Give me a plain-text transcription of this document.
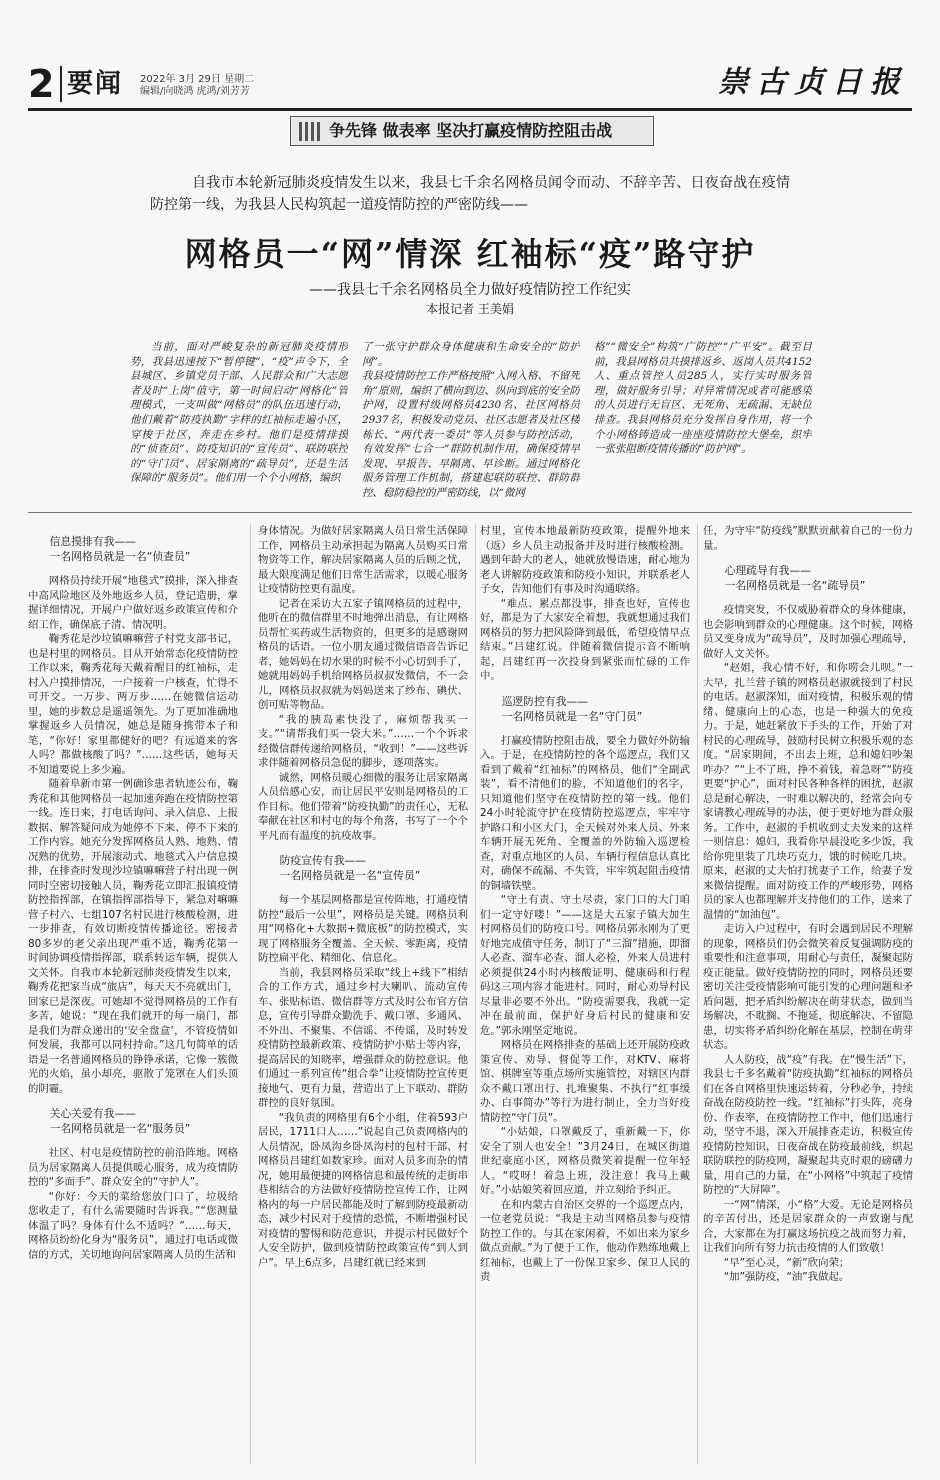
2 要闻 2022年 3月 29日 星期二
编辑/向晓鸿 虎鸿/刘芳芳	崇古贞日报
争先锋 做表率 坚决打赢疫情防控阻击战
自我市本轮新冠肺炎疫情发生以来，我县七千余名网格员闻令而动、不辞辛苦、日夜奋战在疫情防控第一线，为我县人民构筑起一道疫情防控的严密防线——
网格员一“网”情深 红袖标“疫”路守护
——我县七千余名网格员全力做好疫情防控工作纪实
本报记者 王美娟
当前，面对严峻复杂的新冠肺炎疫情形势，我县迅速按下“暂停键”，“疫”声令下，全县城区、乡镇党员干部、人民群众和广大志愿者及时“上岗”值守，第一时间启动“网格化”管理模式，一支叫做“网格员”的队伍迅速行动，他们戴着“防疫执勤”字样的红袖标走遍小区，穿梭于社区，奔走在乡村。他们是疫情排摸的“侦查员”、防疫知识的“宣传员”、联防联控的“守门员”、居家隔离的“疏导员”，还是生活保障的“服务员”。他们用一个个小网格，编织
了一张守护群众身体健康和生命安全的“防护网”。
我县疫情防控工作严格按照“入网入格、不留死角”原则，编织了横向到边、纵向到底的安全防护网，设置村级网格员4230名、社区网格员2937名，积极发动党员、社区志愿者及社区楼栋长、“两代表一委员”等人员参与防控活动，有效发挥“七合一”群防机制作用，确保疫情早发现、早报告、早隔离、早诊断。通过网格化服务管理工作机制，搭建起联防联控、群防群控、稳防稳控的严密防线，以“微网
格”“微安全”构筑“广防控”“广平安”。截至目前，我县网格员共摸排返乡、返岗人员共4152人、重点管控人员285人，实行实时服务管理，做好服务引导；对异常情况或者可能感染的人员进行无盲区、无死角、无疏漏、无缺位排查。我县网格员充分发挥自身作用，将一个个小网格铸造成一座座疫情防控大堡垒，织牢一张张阻断疫情传播的“防护网”。
信息摸排有我——
一名网格员就是一名“侦查员”

网格员持续开展“地毯式”摸排，深入排查中高风险地区及外地返乡人员，登记造册，掌握详细情况，开展户户做好返乡政策宣传和介绍工作，确保底子清、情况明。

鞠秀花是沙垃镇嘛嘛营子村党支部书记，也是村里的网格员。目从开始常态化疫情防控工作以来，鞠秀花每天戴着醒目的红袖标，走村入户摸排情况，一户接着一户核查，忙得不可开交。一万步、两万步……在她微信运动里，她的步数总是遥遥领先。为了更加准确地掌握返乡人员情况，她总是随身携带本子和笔，“你好！家里都健好的吧？有远道来的客人吗？都做核酸了吗？”……这些话，她每天不知道要说上多少遍。

随着阜新市第一例确诊患者轨迹公布，鞠秀花和其他网格员一起加速奔跑在疫情防控第一线。连日来，打电话询问、录入信息、上报数据、解答疑问成为她停不下来、停不下来的工作内容。她充分发挥网格员人熟、地熟、情况熟的优势，开展滚动式、地毯式入户信息摸排，在排查时发现沙垃镇嘛嘛营子村出现一例同时空密切接触人员，鞠秀花立即汇报镇疫情防控指挥部，在镇指挥部指导下，紧急对嘛嘛营子村六、七组107名村民进行核酸检测，进一步排查，有效切断疫情传播途径。密接者80多岁的老父亲出现严重不适，鞠秀花第一时间协调疫情指挥部，联系转运车辆，提供人文关怀。自我市本轮新冠肺炎疫情发生以来，鞠秀花把家当成“旅店”，每天天不亮就出门，回家已是深夜。可她却不觉得网格员的工作有多苦，她说：“现在我们就开的每一扇门，都是我们为群众递出的‘安全盘盒’，不管疫情如何发展，我都可以同村持命。”这几句简单的话语是一名普通网格员的铮铮承诺，它像一簇微光的火焰，虽小却亮，驱散了笼罩在人们头顶的阴霾。

关心关爱有我——
一名网格员就是一名“服务员”

社区、村屯是疫情防控的前沿阵地。网格员为居家隔离人员提供暖心服务，成为疫情防控的“多面手”、群众安全的“守护人”。

“你好：今天的菜给您放门口了，垃圾给您收走了，有什么需要随时告诉我。”“您测量体温了吗？身体有什么不适吗？”……每天，网格员纷纷化身为“服务员”，通过打电话或微信的方式，关切地询问居家隔离人员的生活和

身体情况。为做好居家隔离人员日常生活保障工作，网格员主动承担起为隔离人员购买日常物资等工作，解决居家隔离人员的后顾之忧，最大限度满足他们日常生活需求，以暖心服务让疫情防控更有温度。

记者在采访大五家子镇网格员的过程中，他听在的微信群里不时地弹出消息，有让网格员帮忙买药或生活物资的，但更多的是感谢网格员的话语。一位小朋友通过微信语音告诉记者，她妈妈在切水果的时候不小心切到手了，她就用妈妈手机给网格员叔叔发微信，不一会儿，网格员叔叔就为妈妈送来了纱布、碘伏、创可贴等物品。

“我的胰岛素快没了，麻烦帮我买一支。”“请帮我们买一袋大米。”……一个个诉求经微信群传递给网格员，“收到！”——这些诉求伴随着网格员急促的脚步，逐项落实。

诚然，网格员暖心细微的服务让居家隔离人员倍感心安，而让居民平安则是网格员的工作目标。他们带着“防疫执勤”的责任心，无私奉献在社区和村屯的每个角落，书写了一个个平凡而有温度的抗疫故事。

防疫宣传有我——
一名网格员就是一名“宣传员”

每一个基层网格都是宣传阵地，打通疫情防控“最后一公里”，网格员是关键。网格员利用“网格化+大数据+微底板”的防控模式，实现了网格服务全覆盖、全天候、零距离，疫情防控扁平化、精细化、信息化。

当前，我县网格员采取“线上+线下”相结合的工作方式，通过乡村大喇叭、流动宣传车、张贴标语、微信群等方式及时公布官方信息，宣传引导群众勤洗手、戴口罩、多通风、不外出、不聚集、不信谣、不传谣，及时转发疫情防控最新政策、疫情防护小贴士等内容，提高居民的知晓率，增强群众的防控意识。他们通过一系列宣传“组合拳”让疫情防控宣传更接地气、更有力量，营造出了上下联动、群防群控的良好氛围。

“我负责的网格里有6个小组，住着593户居民，1711口人……”说起自己负责网格内的人员情况，卧凤沟乡卧凤沟村的包村干部、村网格员吕建红如数家珍。面对人员多而杂的情况，她用最便捷的网格信息和最传统的走街串巷相结合的方法做好疫情防控宣传工作，让网格内的每一户居民都能及时了解到防疫最新动态，减少村民对于疫情的恐慌，不断增强村民对疫情的警惕和防范意识，并提示村民做好个人安全防护，做到疫情防控政策宣传“到人到户”。早上6点多，吕建红就已经来到

村里，宣传本地最新防疫政策，提醒外地来（返）乡人员主动报备并及时进行核酸检测。遇到年龄大的老人，她就放慢语速，耐心地为老人讲解防疫政策和防疫小知识，并联系老人子女，告知他们有事及时沟通联络。

“难点、累点都没事，排查也好，宣传也好，都是为了大家安全着想，我就想通过我们网格员的努力把风险降到最低，希望疫情早点结束。”吕建红说。伴随着微信提示音不断响起，吕建红再一次投身到紧张而忙碌的工作中。

巡逻防控有我——
一名网格员就是一名“守门员”

打赢疫情防控阻击战，要全力做好外防输入。于是，在疫情防控的各个巡逻点，我们又看到了戴着“红袖标”的网格员，他们“全副武装”，看不清他们的脸，不知道他们的名字，只知道他们坚守在疫情防控的第一线。他们24小时轮流守护在疫情防控巡逻点，牢牢守护路口和小区大门，全天候对外来人员、外来车辆开展无死角、全覆盖的外防输入巡逻检查，对重点地区的人员、车辆行程信息认真比对，确保不疏漏、不失管，牢牢筑起阻击疫情的铜墙铁壁。

“守土有责、守土尽责，家门口的大门咱们一定守好喽！”——这是大五家子镇大加生村网格员们的防疫口号。网格员郭永刚为了更好地完成值守任务，制订了“三溜”措施，即溜人必查、溜车必查、溜人必检，外来人员进村必须提供24小时内核酸证明、健康码和行程码这三项内容才能进村。同时，耐心劝导村民尽量非必要不外出。“防疫需要我，我就一定冲在最前面，保护好身后村民的健康和安危。”郭永刚坚定地说。

网格员在网格排查的基础上还开展防疫政策宣传、劝导、督促等工作，对KTV、麻将馆、棋牌室等重点场所实施管控，对辖区内群众不戴口罩出行、扎堆聚集、不执行“红事缓办、白事简办”等行为进行制止，全力当好疫情防控“守门员”。

“小姑娘，口罩戴反了，重新戴一下，你安全了别人也安全！”3月24日，在城区街道世纪豪庭小区，网格员微笑着提醒一位年轻人。“哎呀！着急上班，没注意！我马上戴好。”小姑娘笑着回应道，并立刻给予纠正。

在和内蒙古自治区交界的一个巡逻点内，一位老党员说：“我是主动当网格员参与疫情防控工作的。与其在家闲着，不如出来为家乡做点贡献。”为了便于工作，他动作熟练地戴上红袖标，也戴上了一份保卫家乡、保卫人民的责

任，为守牢“防疫线”默默贡献着自己的一份力量。

心理疏导有我——
一名网格员就是一名“疏导员”

疫情突发，不仅威胁着群众的身体健康，也会影响到群众的心理健康。这个时候，网格员又变身成为“疏导员”，及时加强心理疏导，做好人文关怀。

“赵姐，我心情不好，和你唠会儿呗。”一大早，扎兰营子镇的网格员赵淑就接到了村民的电话。赵淑深知，面对疫情，积极乐观的情绪、健康向上的心态，也是一种强大的免疫力。于是，她赶紧放下手头的工作，开始了对村民的心理疏导，鼓励村民树立积极乐观的态度。“居家期间，不出去上班，总和媳妇吵架咋办？”“上不了班，挣不着钱，着急呀”“防疫更要“护心”，面对村民各种各样的困扰，赵淑总是耐心解决，一时难以解决的，经常会向专家请教心理疏导的办法，便于更好地为群众服务。工作中，赵淑的手机收到丈夫发来的这样一则信息：媳妇，我看你早晨没吃多少饭，我给你兜里装了几块巧克力，饿的时候吃几块。原来，赵淑的丈夫怕打扰妻子工作，给妻子发来微信提醒。面对防疫工作的严峻形势，网格员的家人也都理解并支持他们的工作，送来了温情的“加油包”。

走访入户过程中，有时会遇到居民不理解的现象，网格员们仍会微笑着反复强调防疫的重要性和注意事项，用耐心与责任，凝聚起防疫正能量。做好疫情防控的同时，网格员还要密切关注受疫情影响可能引发的心理问题和矛盾问题，把矛盾纠纷解决在萌芽状态，做到当场解决，不耽搁、不拖延，彻底解决、不留隐患，切实将矛盾纠纷化解在基层，控制在萌芽状态。

人人防疫，战“疫”有我。在“慢生活”下，我县七千多名戴着“防疫执勤”红袖标的网格员们在各自网格里快速运转着，分秒必争，持续奋战在防疫防控一线。“红袖标”打头阵，亮身份、作表率，在疫情防控工作中，他们迅速行动，坚守不退，深入开展排查走访，积极宣传疫情防控知识，日夜奋战在防疫最前线，织起联防联控的防疫网，凝聚起共克时艰的磅礴力量，用自己的力量，在“小网格”中筑起了疫情防控的“大屏障”。

一“网”情深，小“格”大爱。无论是网格员的辛苦付出，还是居家群众的一声致谢与配合，大家都在为打赢这场抗疫之战而努力着，让我们向所有努力抗击疫情的人们致敬！

“早”至心灵，“新”欣向荣；

“加”强防疫，“油”我做起。
